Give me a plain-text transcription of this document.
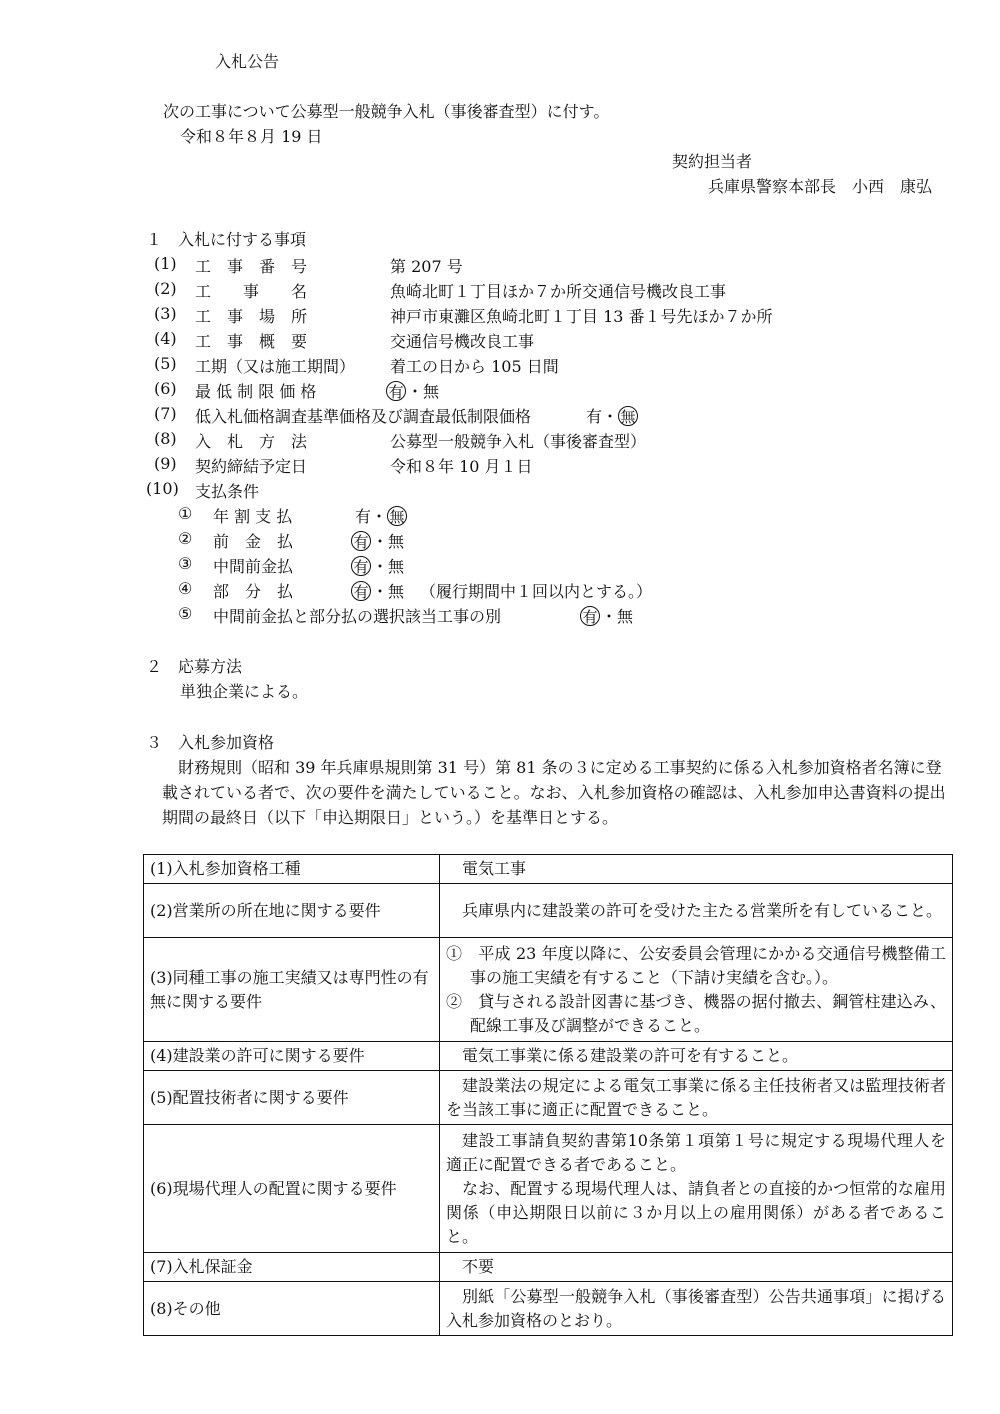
入札公告
次の工事について公募型一般競争入札（事後審査型）に付す。
令和８年８月 19 日
契約担当者
兵庫県警察本部長　小西　康弘
１　入札に付する事項
(1)	工　事　番　号	第 207 号
(2)	工　　事　　名	魚崎北町１丁目ほか７か所交通信号機改良工事
(3)	工　事　場　所	神戸市東灘区魚崎北町１丁目 13 番１号先ほか７か所
(4)	工　事　概　要	交通信号機改良工事
(5)	工期（又は施工期間） 着工の日から 105 日間
(6)	最 低 制 限 価 格	有 ・無
(7)	低入札価格調査基準価格及び調査最低制限価格	有・ 無
(8)	入　札　方　法	公募型一般競争入札（事後審査型）
(9)	契約締結予定日	令和８年 10 月１日
(10)	支払条件
① 年 割 支 払	有・ 無
② 前　金　払	有 ・無
③ 中間前金払	有 ・無
④ 部　分　払	有 ・無 （履行期間中１回以内とする。）
⑤ 中間前金払と部分払の選択該当工事の別	有 ・無
２　応募方法
単独企業による。
３　入札参加資格
財務規則（昭和 39 年兵庫県規則第 31 号）第 81 条の３に定める工事契約に係る入札参加資格者名簿に登載されている者で、次の要件を満たしていること。なお、入札参加資格の確認は、入札参加申込書資料の提出期間の最終日（以下「申込期限日」という。）を基準日とする。
(1)入札参加資格工種	電気工事
(2)営業所の所在地に関する要件	兵庫県内に建設業の許可を受けた主たる営業所を有していること。
(3)同種工事の施工実績又は専門性の有無に関する要件	①　平成 23 年度以降に、公安委員会管理にかかる交通信号機整備工事の施工実績を有すること（下請け実績を含む。）。
②　貸与される設計図書に基づき、機器の据付撤去、鋼管柱建込み、配線工事及び調整ができること。

(4)建設業の許可に関する要件	電気工事業に係る建設業の許可を有すること。
(5)配置技術者に関する要件	建設業法の規定による電気工事業に係る主任技術者又は監理技術者を当該工事に適正に配置できること。
(6)現場代理人の配置に関する要件	建設工事請負契約書第10条第１項第１号に規定する現場代理人を適正に配置できる者であること。
なお、配置する現場代理人は、請負者との直接的かつ恒常的な雇用関係（申込期限日以前に３か月以上の雇用関係）がある者であること。

(7)入札保証金	不要
(8)その他	別紙「公募型一般競争入札（事後審査型）公告共通事項」に掲げる入札参加資格のとおり。
